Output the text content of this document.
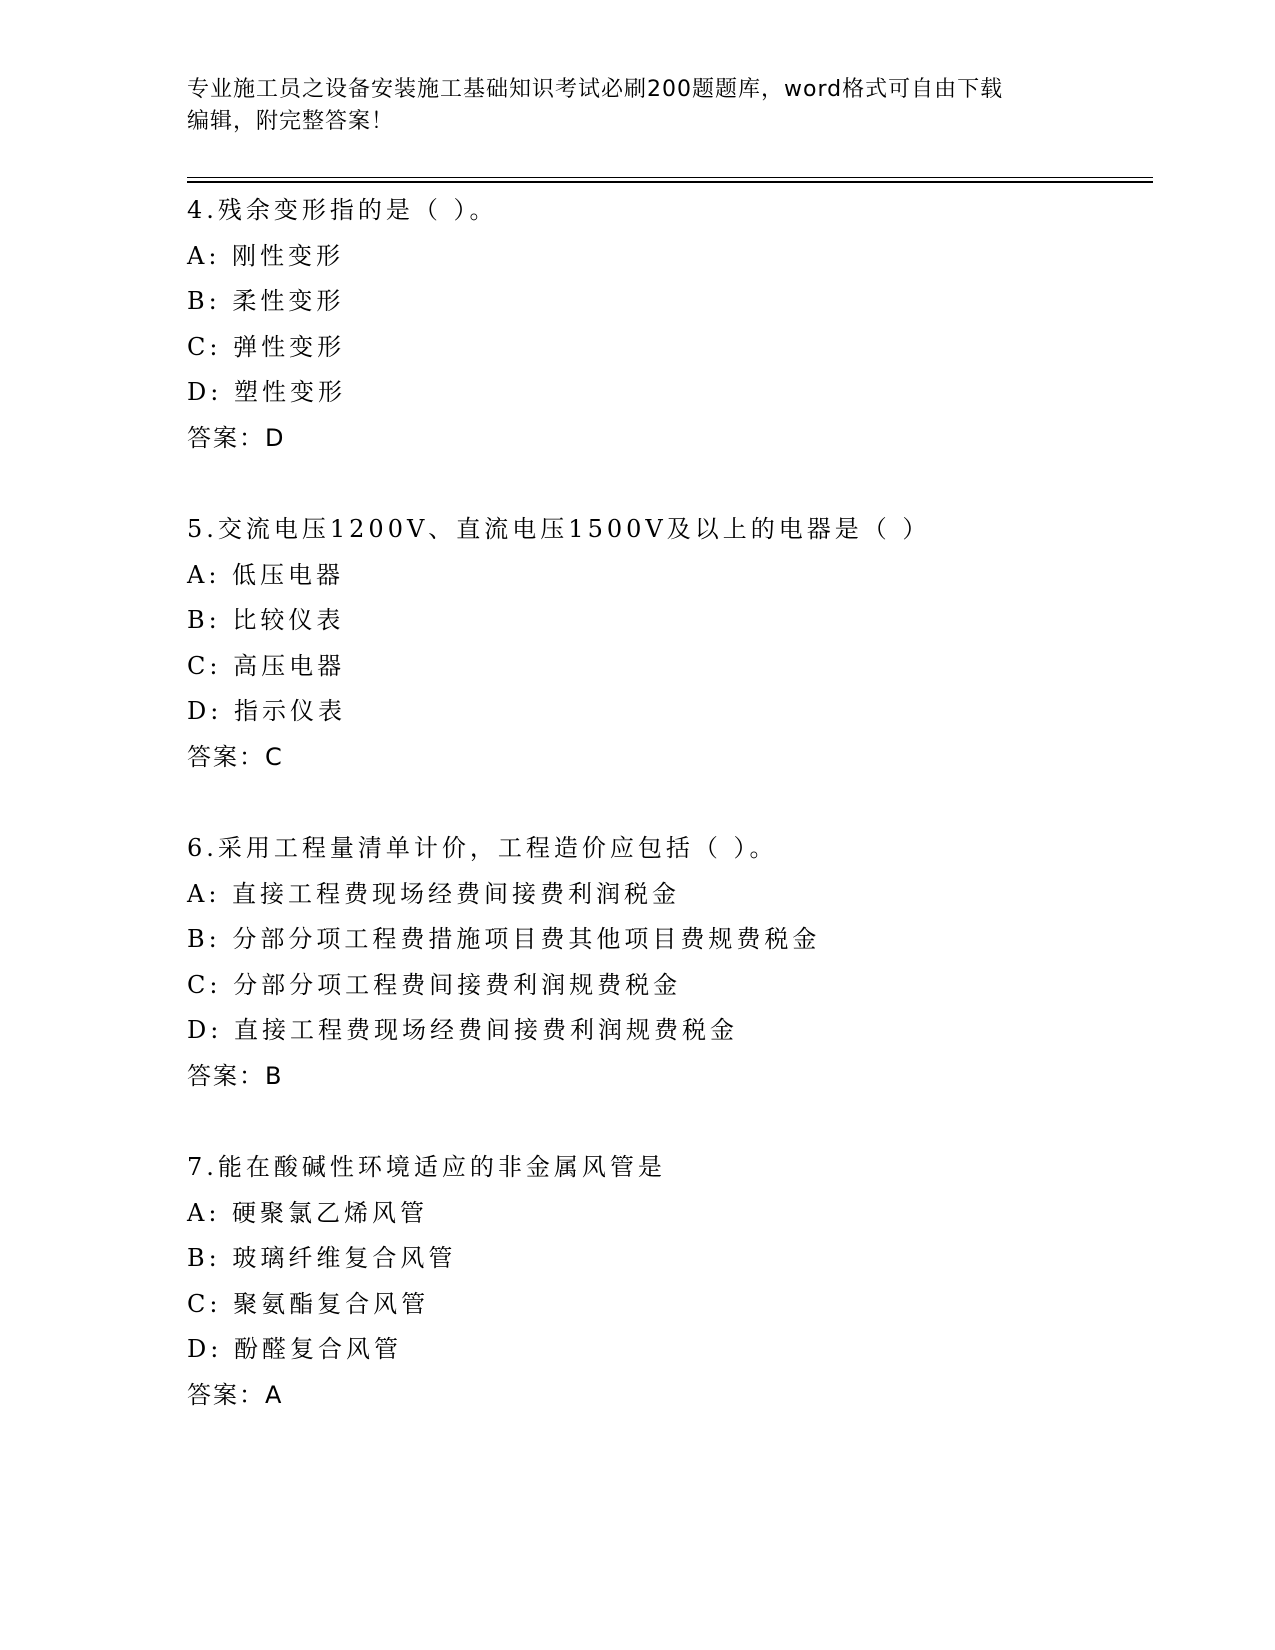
专业施工员之设备安装施工基础知识考试必刷200题题库，word格式可自由下载
编辑，附完整答案！
4.残余变形指的是（ ）。
A: 刚性变形
B: 柔性变形
C: 弹性变形
D: 塑性变形
答案：D
5.交流电压1200V、直流电压1500V及以上的电器是（ ）
A: 低压电器
B: 比较仪表
C: 高压电器
D: 指示仪表
答案：C
6.采用工程量清单计价，工程造价应包括（ ）。
A: 直接工程费现场经费间接费利润税金
B: 分部分项工程费措施项目费其他项目费规费税金
C: 分部分项工程费间接费利润规费税金
D: 直接工程费现场经费间接费利润规费税金
答案：B
7.能在酸碱性环境适应的非金属风管是
A: 硬聚氯乙烯风管
B: 玻璃纤维复合风管
C: 聚氨酯复合风管
D: 酚醛复合风管
答案：A
